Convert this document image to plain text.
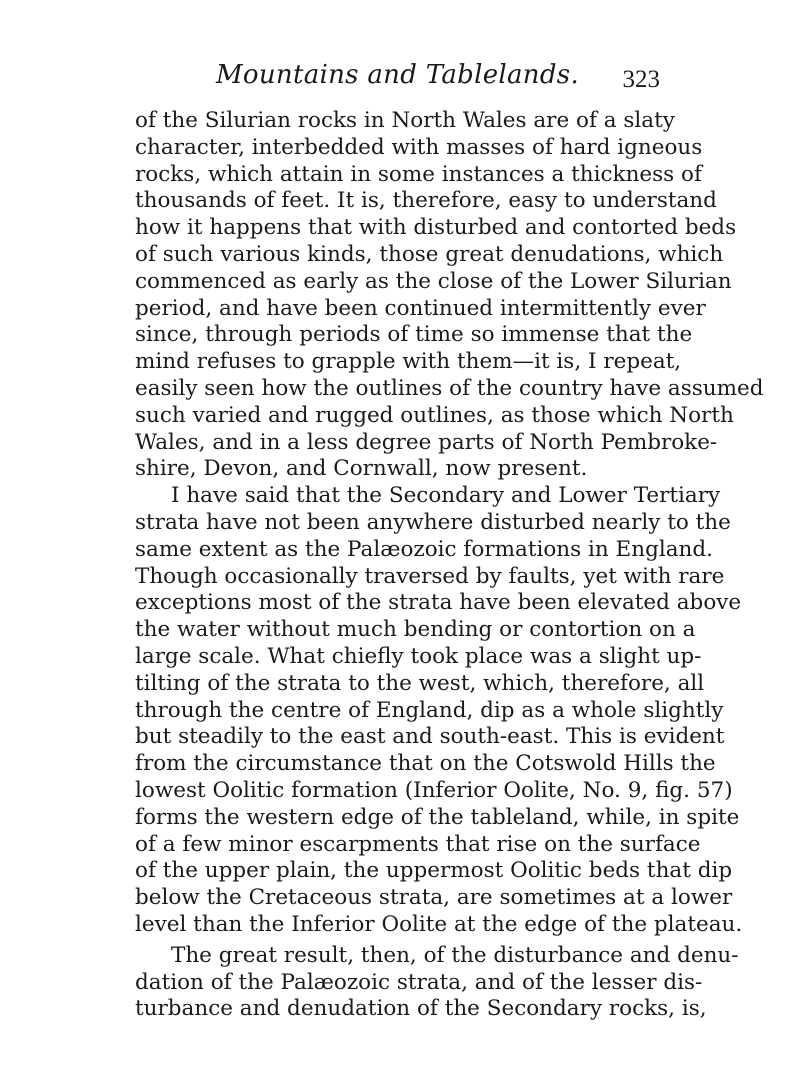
Mountains and Tablelands.	323
of the Silurian rocks in North Wales are of a slaty
character, interbedded with masses of hard igneous
rocks, which attain in some instances a thickness of
thousands of feet. It is, therefore, easy to understand
how it happens that with disturbed and contorted beds
of such various kinds, those great denudations, which
commenced as early as the close of the Lower Silurian
period, and have been continued intermittently ever
since, through periods of time so immense that the
mind refuses to grapple with them—it is, I repeat,
easily seen how the outlines of the country have assumed
such varied and rugged outlines, as those which North
Wales, and in a less degree parts of North Pembroke-
shire, Devon, and Cornwall, now present.
I have said that the Secondary and Lower Tertiary
strata have not been anywhere disturbed nearly to the
same extent as the Palæozoic formations in England.
Though occasionally traversed by faults, yet with rare
exceptions most of the strata have been elevated above
the water without much bending or contortion on a
large scale. What chiefly took place was a slight up-
tilting of the strata to the west, which, therefore, all
through the centre of England, dip as a whole slightly
but steadily to the east and south-east. This is evident
from the circumstance that on the Cotswold Hills the
lowest Oolitic formation (Inferior Oolite, No. 9, fig. 57)
forms the western edge of the tableland, while, in spite
of a few minor escarpments that rise on the surface
of the upper plain, the uppermost Oolitic beds that dip
below the Cretaceous strata, are sometimes at a lower
level than the Inferior Oolite at the edge of the plateau.
The great result, then, of the disturbance and denu-
dation of the Palæozoic strata, and of the lesser dis-
turbance and denudation of the Secondary rocks, is,
